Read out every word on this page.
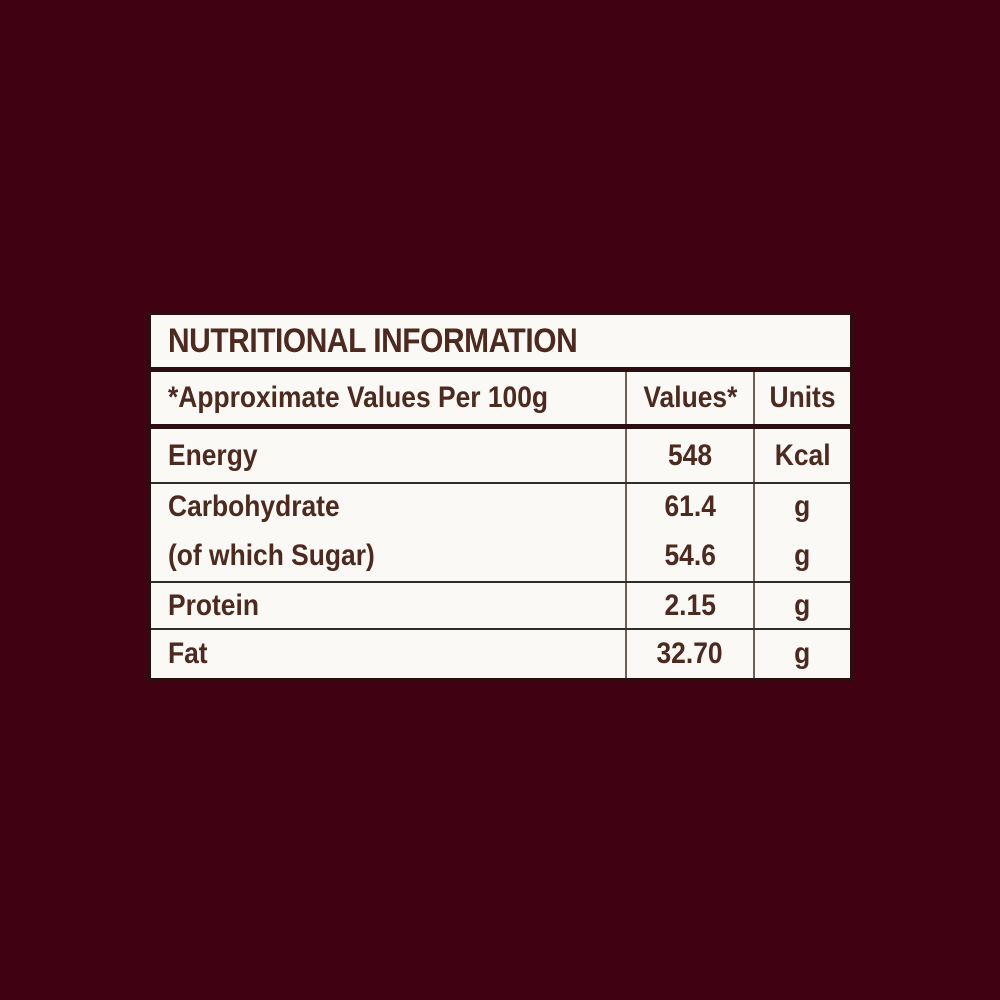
NUTRITIONAL INFORMATION
*Approximate Values Per 100g	Values* Units
Energy	548 Kcal
Carbohydrate	61.4	g
(of which Sugar)	54.6	g
Protein	2.15	g
Fat	32.70 g
